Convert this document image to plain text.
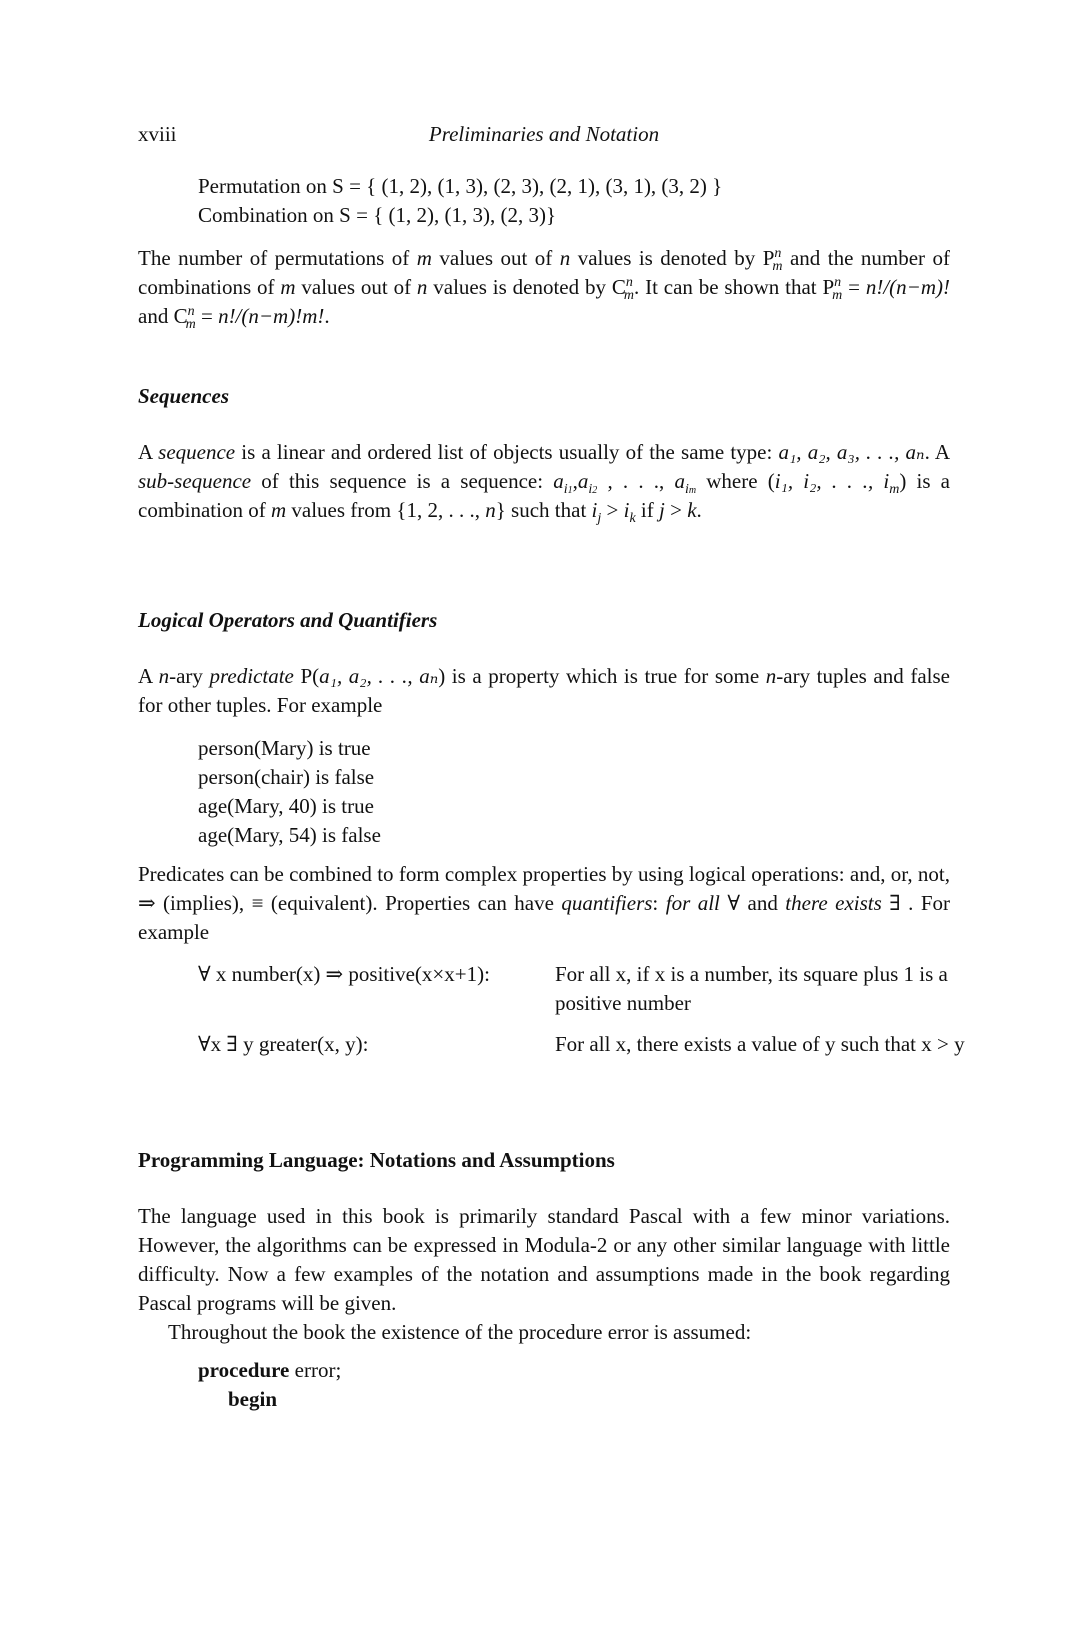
xviii	Preliminaries and Notation

Permutation on S = { (1, 2), (1, 3), (2, 3), (2, 1), (3, 1), (3, 2) }

Combination on S = { (1, 2), (1, 3), (2, 3)}

The number of permutations of m values out of n values is denoted by $P^n_m$ and the number of combinations of m values out of n values is denoted by $C^n_m$. It can be shown that $P^n_m = n!/(n-m)$! and $C^n_m = n!/(n-m)!m$!.

Sequences

A sequence is a linear and ordered list of objects usually of the same type: a₁, a₂, a₃, . . ., aₙ. A sub-sequence of this sequence is a sequence: $a_{i1},a_{i2}$ , . . ., $a_{im}$ where (i₁, i₂, . . ., $i_m$) is a combination of m values from {1, 2, . . ., n} such that $i_j > i_k$ if j > k.

Logical Operators and Quantifiers

A n-ary predictate P(a₁, a₂, . . ., aₙ) is a property which is true for some n-ary tuples and false for other tuples. For example

person(Mary) is true

person(chair) is false

age(Mary, 40) is true

age(Mary, 54) is false

Predicates can be combined to form complex properties by using logical operations: and, or, not, ⇒ (implies), ≡ (equivalent). Properties can have quantifiers: for all ∀ and there exists ∃ . For example

∀ x number(x) ⇒ positive(x×x+1):	For all x, if x is a number, its square plus 1 is a positive number
∀x ∃ y greater(x, y):	For all x, there exists a value of y such that x > y

Programming Language: Notations and Assumptions

The language used in this book is primarily standard Pascal with a few minor variations. However, the algorithms can be expressed in Modula-2 or any other similar language with little difficulty. Now a few examples of the notation and assumptions made in the book regarding Pascal programs will be given.

Throughout the book the existence of the procedure error is assumed:

procedure error;

begin
